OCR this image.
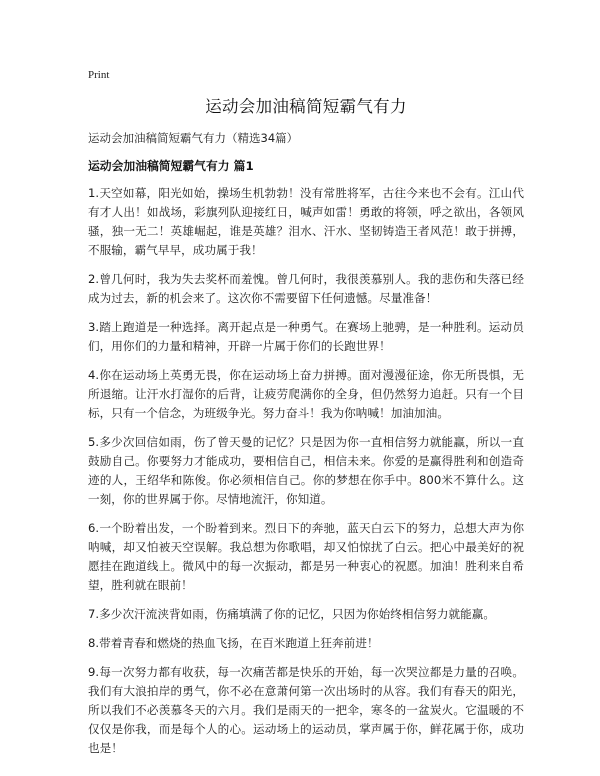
Print
运动会加油稿简短霸气有力
运动会加油稿简短霸气有力（精选34篇）
运动会加油稿简短霸气有力 篇1

1.天空如幕，阳光如始，操场生机勃勃！没有常胜将军，古往今来也不会有。江山代有才人出！如战场，彩旗列队迎接红日，喊声如雷！勇敢的将领，呼之欲出，各领风骚，独一无二！英雄崛起，谁是英雄？泪水、汗水、坚韧铸造王者风范！敢于拼搏，不服输，霸气早早，成功属于我！

2.曾几何时，我为失去奖杯而羞愧。曾几何时，我很羡慕别人。我的悲伤和失落已经成为过去，新的机会来了。这次你不需要留下任何遗憾。尽量准备！

3.踏上跑道是一种选择。离开起点是一种勇气。在赛场上驰骋，是一种胜利。运动员们，用你们的力量和精神，开辟一片属于你们的长跑世界！

4.你在运动场上英勇无畏，你在运动场上奋力拼搏。面对漫漫征途，你无所畏惧，无所退缩。让汗水打湿你的后背，让疲劳爬满你的全身，但仍然努力追赶。只有一个目标，只有一个信念，为班级争光。努力奋斗！我为你呐喊！加油加油。

5.多少次回信如雨，伤了曾天曼的记忆？只是因为你一直相信努力就能赢，所以一直鼓励自己。你要努力才能成功，要相信自己，相信未来。你爱的是赢得胜利和创造奇迹的人，王绍华和陈俊。你必须相信自己。你的梦想在你手中。800米不算什么。这一刻，你的世界属于你。尽情地流汗，你知道。

6.一个盼着出发，一个盼着到来。烈日下的奔驰，蓝天白云下的努力，总想大声为你呐喊，却又怕被天空误解。我总想为你歌唱，却又怕惊扰了白云。把心中最美好的祝愿挂在跑道线上。微风中的每一次振动，都是另一种衷心的祝愿。加油！胜利来自希望，胜利就在眼前！

7.多少次汗流浃背如雨，伤痛填满了你的记忆，只因为你始终相信努力就能赢。

8.带着青春和燃烧的热血飞扬，在百米跑道上狂奔前进！

9.每一次努力都有收获，每一次痛苦都是快乐的开始，每一次哭泣都是力量的召唤。我们有大浪拍岸的勇气，你不必在意萧何第一次出场时的从容。我们有春天的阳光，所以我们不必羡慕冬天的六月。我们是雨天的一把伞，寒冬的一盆炭火。它温暖的不仅仅是你我，而是每个人的心。运动场上的运动员，掌声属于你，鲜花属于你，成功也是！
